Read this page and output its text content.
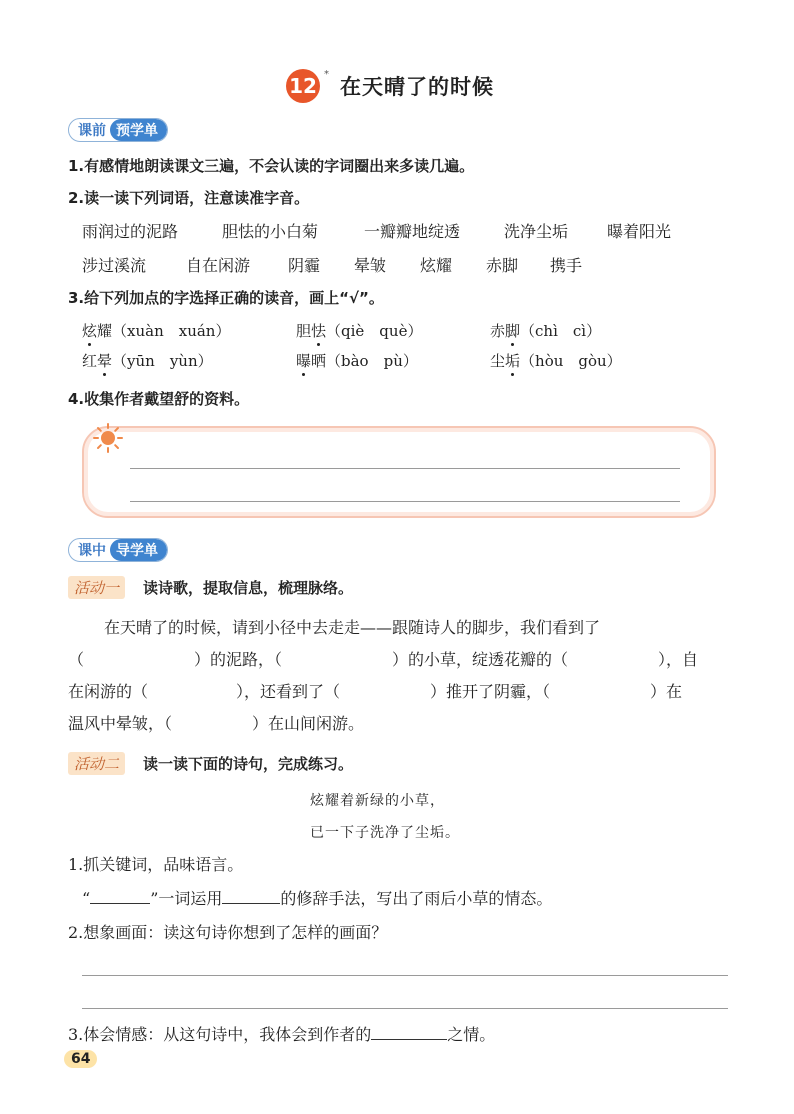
12 *
在天晴了的时候
课前 预学单
1.有感情地朗读课文三遍，不会认读的字词圈出来多读几遍。
2.读一读下列词语，注意读准字音。
雨润过的泥路	胆怯的小白菊	一瓣瓣地绽透	洗净尘垢 曝着阳光
涉过溪流 自在闲游 阴霾 晕皱 炫耀 赤脚 携手
3.给下列加点的字选择正确的读音，画上“√”。
炫耀（xuàn　xuán）	胆怯（qiè　què）	赤脚（chì　cì）
红晕（yūn　yùn）	曝晒（bào　pù）	尘垢（hòu　gòu）
4.收集作者戴望舒的资料。
课中 导学单
活动一	读诗歌，提取信息，梳理脉络。
在天晴了的时候，请到小径中去走走——跟随诗人的脚步，我们看到了
（	）的泥路，（	）的小草，绽透花瓣的（	），自
在闲游的（	），还看到了（	）推开了阴霾，（	）在
温风中晕皱，（	）在山间闲游。
活动二	读一读下面的诗句，完成练习。
炫耀着新绿的小草，
已一下子洗净了尘垢。
1.抓关键词，品味语言。
“	”一词运用	的修辞手法，写出了雨后小草的情态。
2.想象画面：读这句诗你想到了怎样的画面？
3.体会情感：从这句诗中，我体会到作者的	之情。
64
